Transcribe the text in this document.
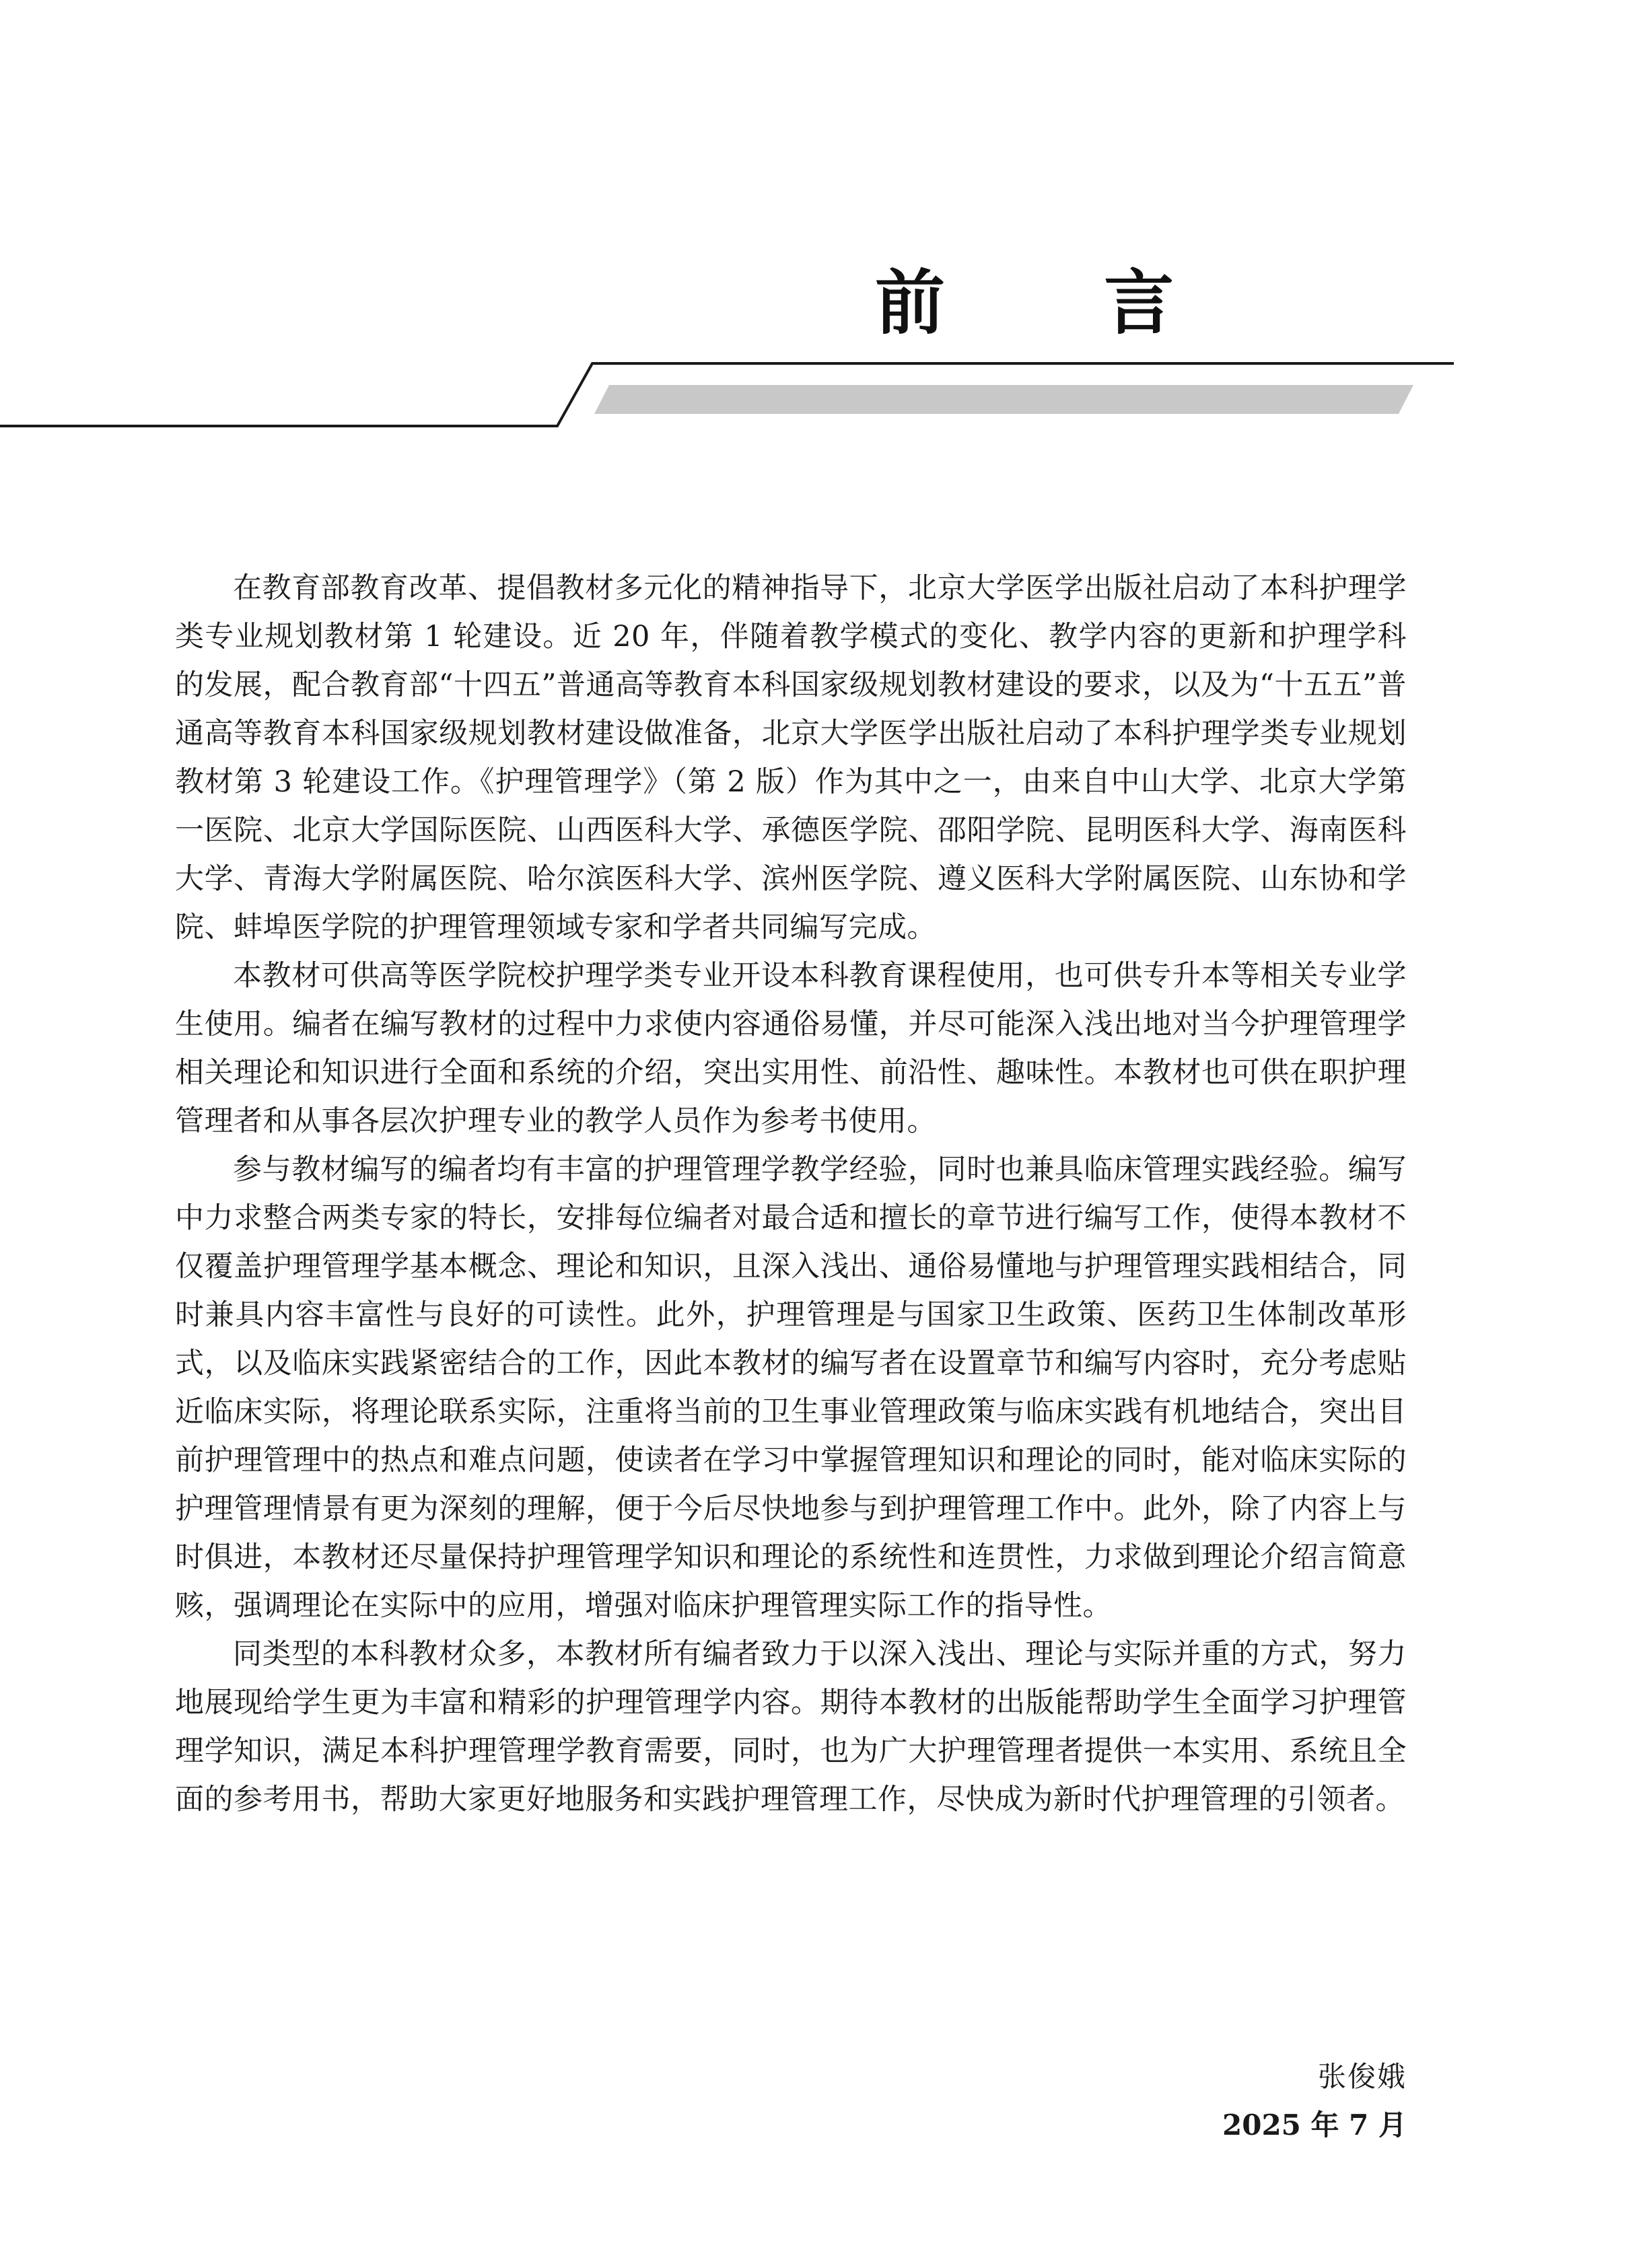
前 言

在教育部教育改革、提倡教材多元化的精神指导下，北京大学医学出版社启动了本科护理学类专业规划教材第 1 轮建设。近 20 年，伴随着教学模式的变化、教学内容的更新和护理学科的发展，配合教育部“十四五”普通高等教育本科国家级规划教材建设的要求，以及为“十五五”普通高等教育本科国家级规划教材建设做准备，北京大学医学出版社启动了本科护理学类专业规划教材第 3 轮建设工作。《护理管理学》（第 2 版）作为其中之一，由来自中山大学、北京大学第一医院、北京大学国际医院、山西医科大学、承德医学院、邵阳学院、昆明医科大学、海南医科大学、青海大学附属医院、哈尔滨医科大学、滨州医学院、遵义医科大学附属医院、山东协和学院、蚌埠医学院的护理管理领域专家和学者共同编写完成。

本教材可供高等医学院校护理学类专业开设本科教育课程使用，也可供专升本等相关专业学生使用。编者在编写教材的过程中力求使内容通俗易懂，并尽可能深入浅出地对当今护理管理学相关理论和知识进行全面和系统的介绍，突出实用性、前沿性、趣味性。本教材也可供在职护理管理者和从事各层次护理专业的教学人员作为参考书使用。

参与教材编写的编者均有丰富的护理管理学教学经验，同时也兼具临床管理实践经验。编写中力求整合两类专家的特长，安排每位编者对最合适和擅长的章节进行编写工作，使得本教材不仅覆盖护理管理学基本概念、理论和知识，且深入浅出、通俗易懂地与护理管理实践相结合，同时兼具内容丰富性与良好的可读性。此外，护理管理是与国家卫生政策、医药卫生体制改革形式，以及临床实践紧密结合的工作，因此本教材的编写者在设置章节和编写内容时，充分考虑贴近临床实际，将理论联系实际，注重将当前的卫生事业管理政策与临床实践有机地结合，突出目前护理管理中的热点和难点问题，使读者在学习中掌握管理知识和理论的同时，能对临床实际的护理管理情景有更为深刻的理解，便于今后尽快地参与到护理管理工作中。此外，除了内容上与时俱进，本教材还尽量保持护理管理学知识和理论的系统性和连贯性，力求做到理论介绍言简意赅，强调理论在实际中的应用，增强对临床护理管理实际工作的指导性。

同类型的本科教材众多，本教材所有编者致力于以深入浅出、理论与实际并重的方式，努力地展现给学生更为丰富和精彩的护理管理学内容。期待本教材的出版能帮助学生全面学习护理管理学知识，满足本科护理管理学教育需要，同时，也为广大护理管理者提供一本实用、系统且全面的参考用书，帮助大家更好地服务和实践护理管理工作，尽快成为新时代护理管理的引领者。

张俊娥
2025 年 7 月
